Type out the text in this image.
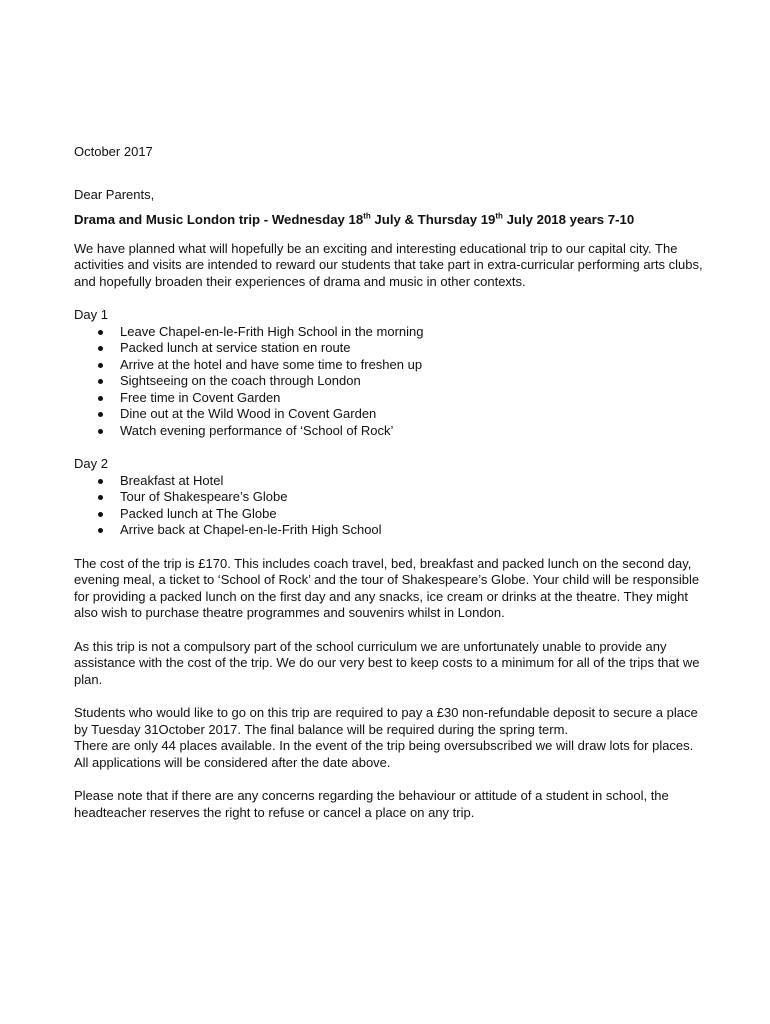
October 2017

Dear Parents,

Drama and Music London trip - Wednesday 18th July & Thursday 19th July 2018 years 7-10

We have planned what will hopefully be an exciting and interesting educational trip to our capital city. The activities and visits are intended to reward our students that take part in extra-curricular performing arts clubs, and hopefully broaden their experiences of drama and music in other contexts.

Day 1

Leave Chapel-en-le-Frith High School in the morning
Packed lunch at service station en route
Arrive at the hotel and have some time to freshen up
Sightseeing on the coach through London
Free time in Covent Garden
Dine out at the Wild Wood in Covent Garden
Watch evening performance of ‘School of Rock’

Day 2

Breakfast at Hotel
Tour of Shakespeare’s Globe
Packed lunch at The Globe
Arrive back at Chapel-en-le-Frith High School

The cost of the trip is £170. This includes coach travel, bed, breakfast and packed lunch on the second day, evening meal, a ticket to ‘School of Rock’ and the tour of Shakespeare’s Globe. Your child will be responsible for providing a packed lunch on the first day and any snacks, ice cream or drinks at the theatre. They might also wish to purchase theatre programmes and souvenirs whilst in London.

As this trip is not a compulsory part of the school curriculum we are unfortunately unable to provide any assistance with the cost of the trip. We do our very best to keep costs to a minimum for all of the trips that we plan.

Students who would like to go on this trip are required to pay a £30 non-refundable deposit to secure a place by Tuesday 31October 2017. The final balance will be required during the spring term.

There are only 44 places available. In the event of the trip being oversubscribed we will draw lots for places. All applications will be considered after the date above.

Please note that if there are any concerns regarding the behaviour or attitude of a student in school, the headteacher reserves the right to refuse or cancel a place on any trip.
